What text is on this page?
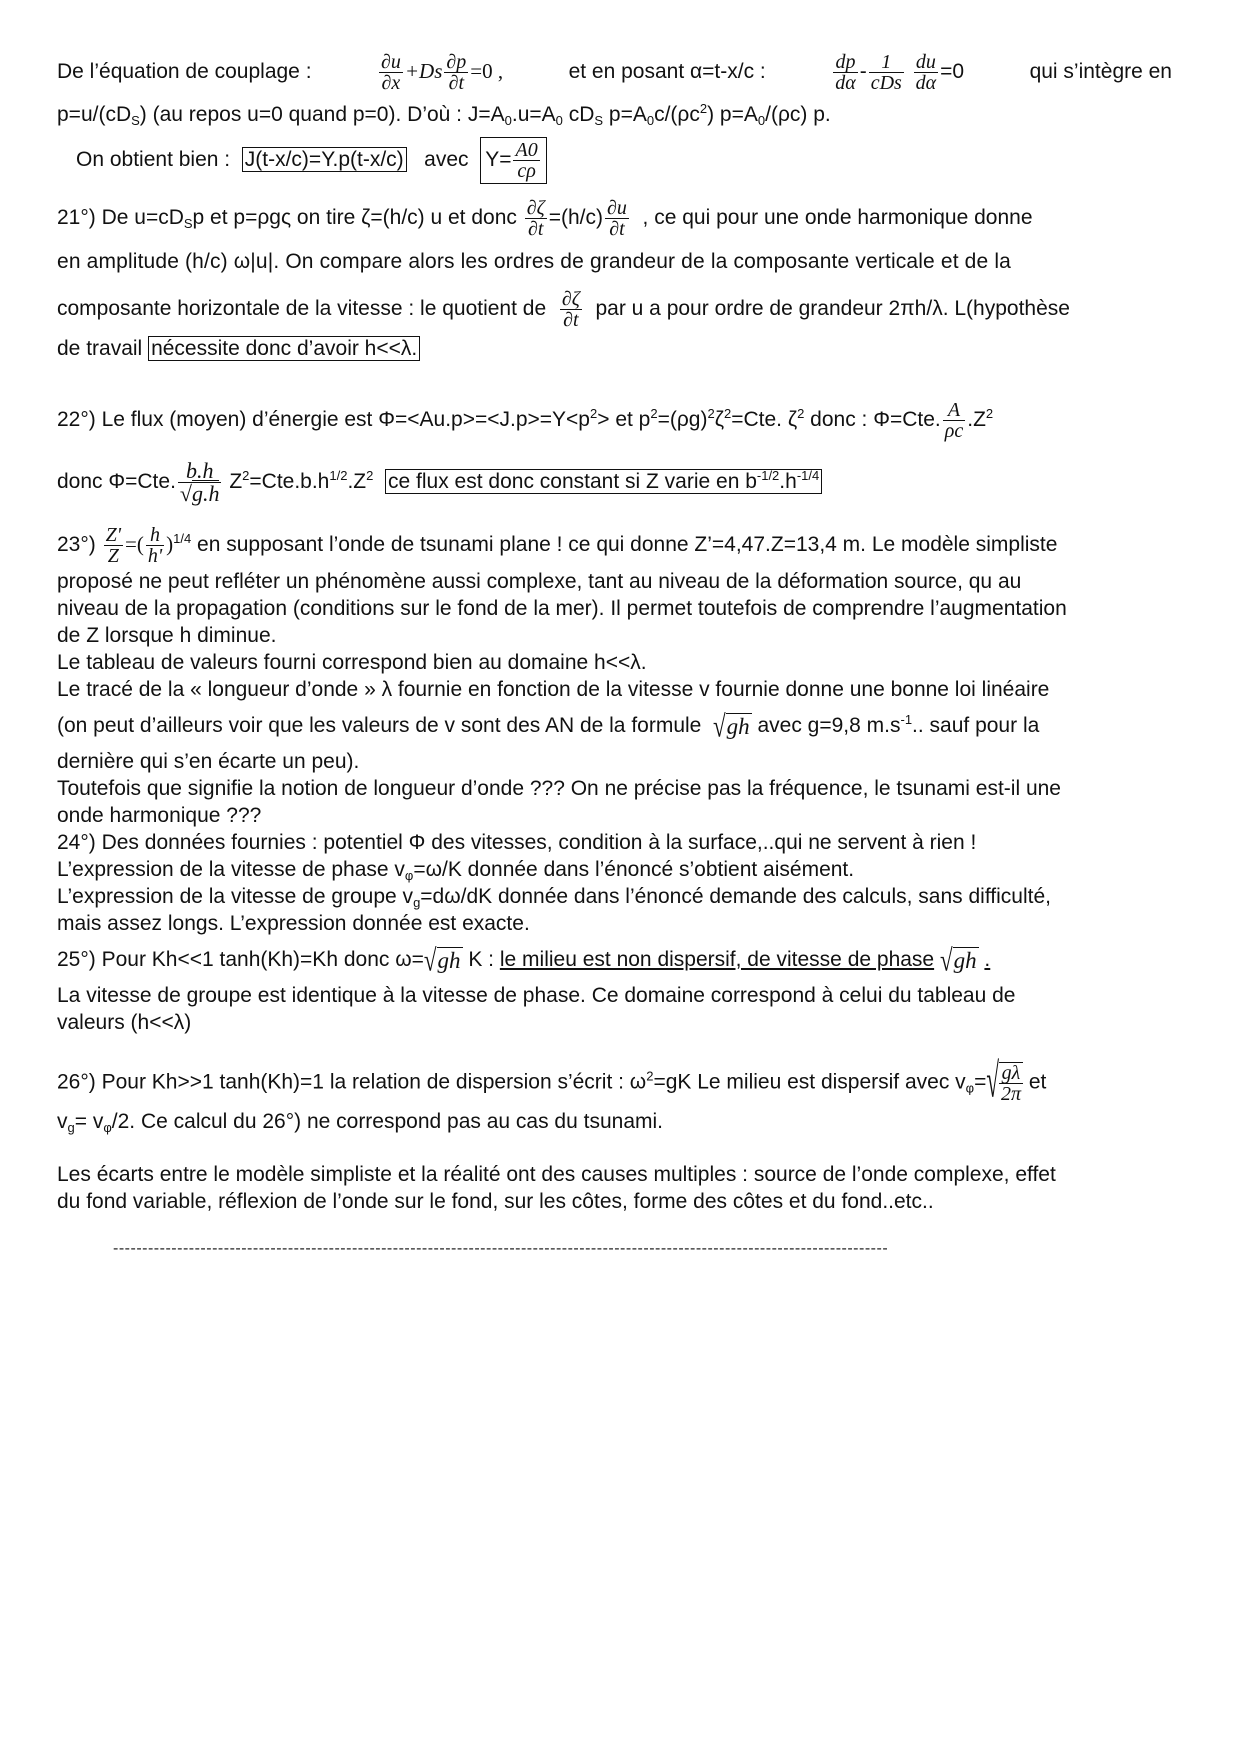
De l’équation de couplage :	$\frac{\partial u}{\partial x} +Ds \frac{\partial p}{\partial t} =0$ ,	et en posant α=t-x/c :	$\frac{dp}{d\alpha} - \frac{1}{\text{cDs}}$
$\frac{du}{d\alpha} =0$	qui s’intègre en
$p=u/(cD_S)$ (au repos u=0 quand p=0). D’où : $J=A_0.u=A_0$ $cD_S$ $p=A_0c/(\rho c^2)$ $p=A_0/(\rho c)$ p.
On obtient bien : J(t-x/c)=Y.p(t-x/c) avec $Y= \frac{A0}{c\rho}$
21°) De $u=cD_Sp$ et p=ρgς on tire ζ=(h/c) u et donc $\frac{\partial\zeta}{\partial t} =(h/c) \frac{\partial u}{\partial t}$ , ce qui pour une onde harmonique donne
en amplitude (h/c) ω|u|. On compare alors les ordres de grandeur de la composante verticale et de la
composante horizontale de la vitesse : le quotient de $\frac{\partial\zeta}{\partial t}$ par u a pour ordre de grandeur 2πh/λ. L(hypothèse
de travail nécessite donc d’avoir h<<λ.
22°) Le flux (moyen) d’énergie est $\Phi=<Au.p>=<J.p>=Y<p^2>$ et $p^2=(\rho g)^2\zeta^2=Cte$. $\zeta^2$ donc : Φ=Cte. $\frac{A}{\rho c} .Z^2$
donc Φ=Cte. $\frac{b.h}{√g.h} Z^2=Cte.b.h^{1/2}.Z^2$ ce flux est donc constant si Z varie en $b^{-1/2}.h^{-1/4}$
$23^\circ) \frac{Z'}{Z}$ =( $\frac{h}{h'} )^{1/4}$ en supposant l’onde de tsunami plane ! ce qui donne Z’=4,47.Z=13,4 m. Le modèle simpliste
proposé ne peut refléter un phénomène aussi complexe, tant au niveau de la déformation source, qu au
niveau de la propagation (conditions sur le fond de la mer). Il permet toutefois de comprendre l’augmentation
de Z lorsque h diminue.
Le tableau de valeurs fourni correspond bien au domaine h<<λ.
Le tracé de la « longueur d’onde » λ fournie en fonction de la vitesse v fournie donne une bonne loi linéaire
(on peut d’ailleurs voir que les valeurs de v sont des AN de la formule √gh avec g=9,8 $m.s^{-1}$.. sauf pour la
dernière qui s’en écarte un peu).
Toutefois que signifie la notion de longueur d’onde ??? On ne précise pas la fréquence, le tsunami est-il une
onde harmonique ???
24°) Des données fournies : potentiel Φ des vitesses, condition à la surface,..qui ne servent à rien !
L’expression de la vitesse de phase $v_\varphi=\omega/K$ donnée dans l’énoncé s’obtient aisément.
L’expression de la vitesse de groupe $v_g=d\omega/dK$ donnée dans l’énoncé demande des calculs, sans difficulté,
mais assez longs. L’expression donnée est exacte.
25°) Pour Kh<<1 tanh(Kh)=Kh donc ω=√gh K : le milieu est non dispersif, de vitesse de phase √gh .
La vitesse de groupe est identique à la vitesse de phase. Ce domaine correspond à celui du tableau de
valeurs (h<<λ)
26°) Pour Kh>>1 tanh(Kh)=1 la relation de dispersion s’écrit : $\omega^2=gK$ Le milieu est dispersif avec $v_\varphi=√ \frac{g\lambda}{2\pi}$ et
$v_g= v_\varphi/2$. Ce calcul du 26°) ne correspond pas au cas du tsunami.
Les écarts entre le modèle simpliste et la réalité ont des causes multiples : source de l’onde complexe, effet
du fond variable, réflexion de l’onde sur le fond, sur les côtes, forme des côtes et du fond..etc..
-------------------------------------------------------------------------------------------------------------------------------------
